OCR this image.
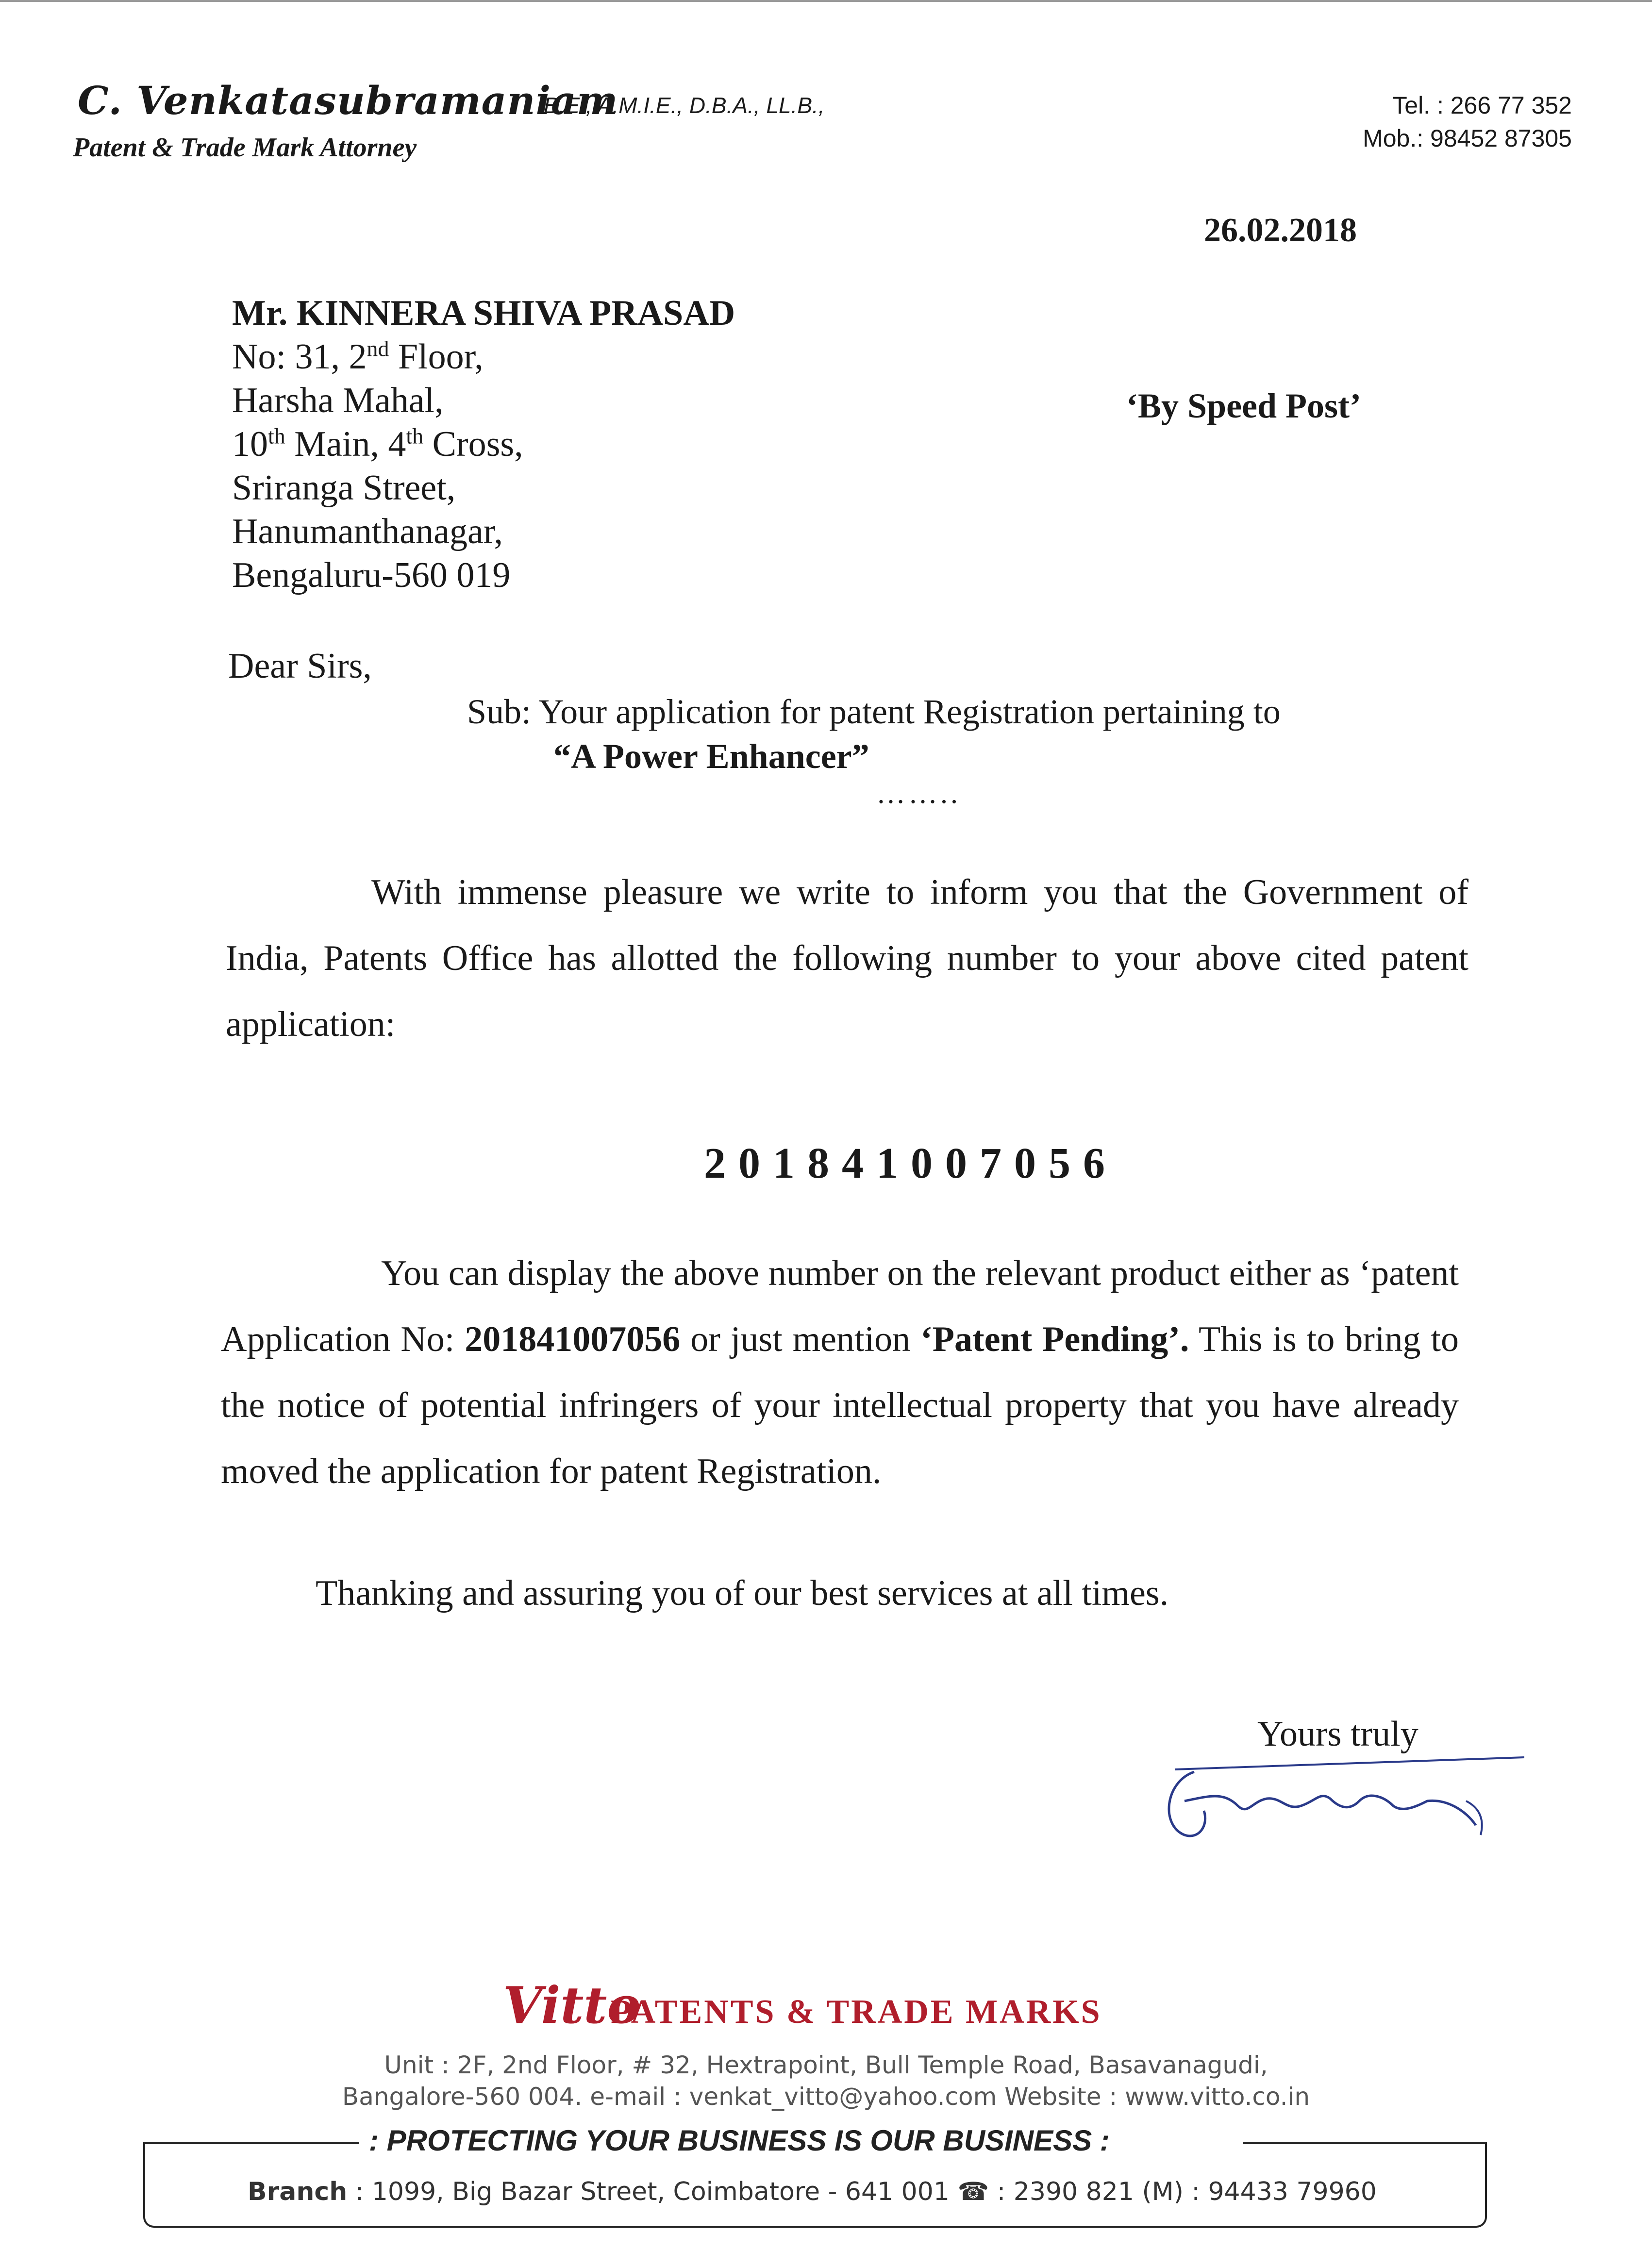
C. Venkatasubramaniam
B.E., A.M.I.E., D.B.A., LL.B.,
Patent & Trade Mark Attorney
Tel. : 266 77 352
Mob.: 98452 87305
26.02.2018
Mr. KINNERA SHIVA PRASAD
No: 31, 2nd Floor,
Harsha Mahal,
10th Main, 4th Cross,
Sriranga Street,
Hanumanthanagar,
Bengaluru-560 019
‘By Speed Post’
Dear Sirs,
Sub: Your application for patent Registration pertaining to
“A Power Enhancer”
……..
With immense pleasure we write to inform you that the Government of India, Patents Office has allotted the following number to your above cited patent application:
201841007056
You can display the above number on the relevant product either as ‘patent Application No: 201841007056 or just mention ‘Patent Pending’. This is to bring to the notice of potential infringers of your intellectual property that you have already moved the application for patent Registration.
Thanking and assuring you of our best services at all times.
Yours truly
Vitto
PATENTS & TRADE MARKS
Unit : 2F, 2nd Floor, # 32, Hextrapoint, Bull Temple Road, Basavanagudi,
Bangalore-560 004. e-mail : venkat_vitto@yahoo.com Website : www.vitto.co.in
: PROTECTING YOUR BUSINESS IS OUR BUSINESS :
Branch : 1099, Big Bazar Street, Coimbatore - 641 001 ☎ : 2390 821 (M) : 94433 79960
